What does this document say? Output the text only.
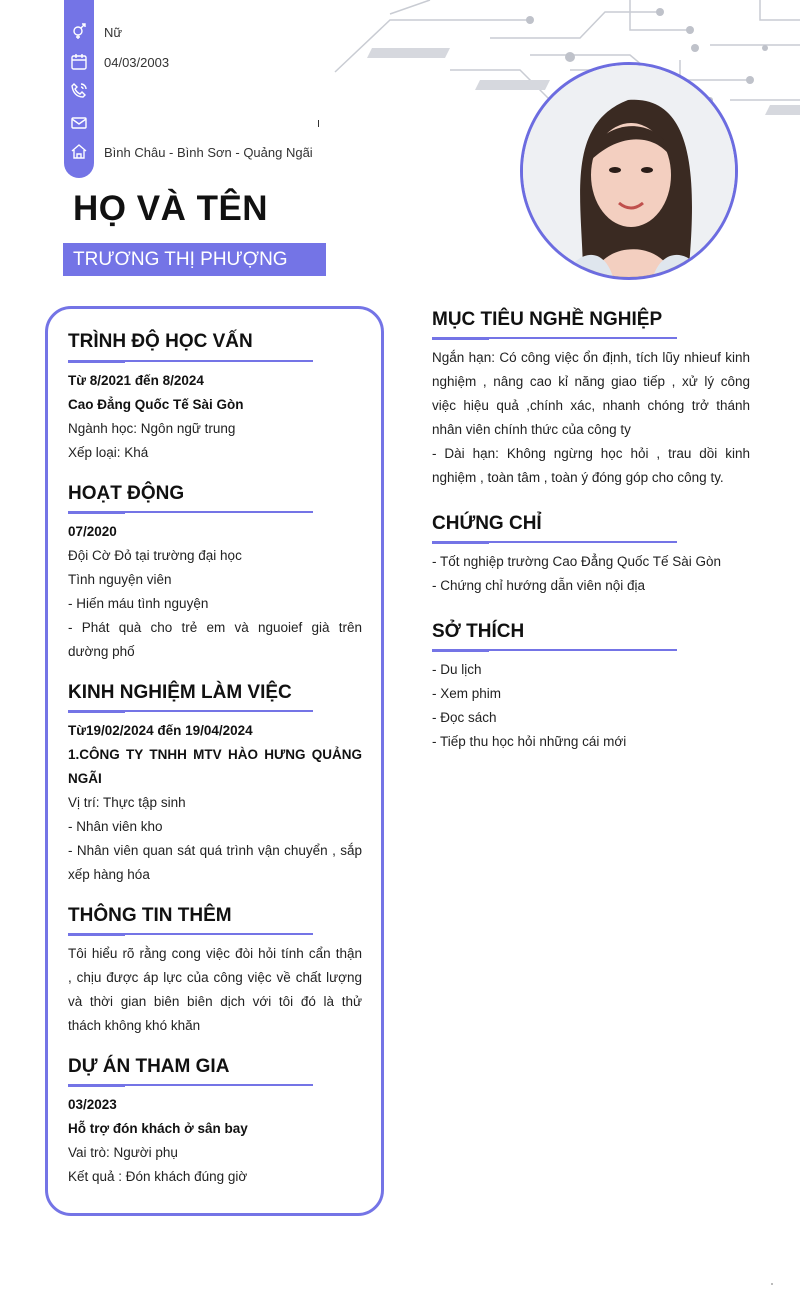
Nữ
04/03/2003
Bình Châu - Bình Sơn - Quảng Ngãi
HỌ VÀ TÊN
TRƯƠNG THỊ PHƯỢNG
TRÌNH ĐỘ HỌC VẤN
Từ 8/2021 đến 8/2024
Cao Đẳng Quốc Tế Sài Gòn
Ngành học: Ngôn ngữ trung
Xếp loại: Khá
HOẠT ĐỘNG
07/2020
Đội Cờ Đỏ tại trường đại học
Tình nguyện viên
- Hiến máu tình nguyện
- Phát quà cho trẻ em và nguoief già trên
dường phố
KINH NGHIỆM LÀM VIỆC
Từ19/02/2024 đến 19/04/2024
1.CÔNG TY TNHH MTV HÀO HƯNG QUẢNG
NGÃI
Vị trí: Thực tập sinh
- Nhân viên kho
- Nhân viên quan sát quá trình vận chuyển , sắp
xếp hàng hóa
THÔNG TIN THÊM
Tôi hiểu rõ rằng cong việc đòi hỏi tính cẩn thận
, chịu được áp lực của công việc về chất lượng
và thời gian biên biên dịch với tôi đó là thử
thách không khó khăn
DỰ ÁN THAM GIA
03/2023
Hỗ trợ đón khách ở sân bay
Vai trò: Người phụ
Kết quả : Đón khách đúng giờ
MỤC TIÊU NGHỀ NGHIỆP
Ngắn hạn: Có công việc ổn định, tích lũy nhieuf kinh
nghiệm , nâng cao kỉ năng giao tiếp , xử lý công
việc hiệu quả ,chính xác, nhanh chóng trở thánh
nhân viên chính thức của công ty
- Dài hạn: Không ngừng học hỏi , trau dồi kinh
nghiệm , toàn tâm , toàn ý đóng góp cho công ty.
CHỨNG CHỈ
- Tốt nghiệp trường Cao Đẳng Quốc Tế Sài Gòn
- Chứng chỉ hướng dẫn viên nội địa
SỞ THÍCH
- Du lịch
- Xem phim
- Đọc sách
- Tiếp thu học hỏi những cái mới
